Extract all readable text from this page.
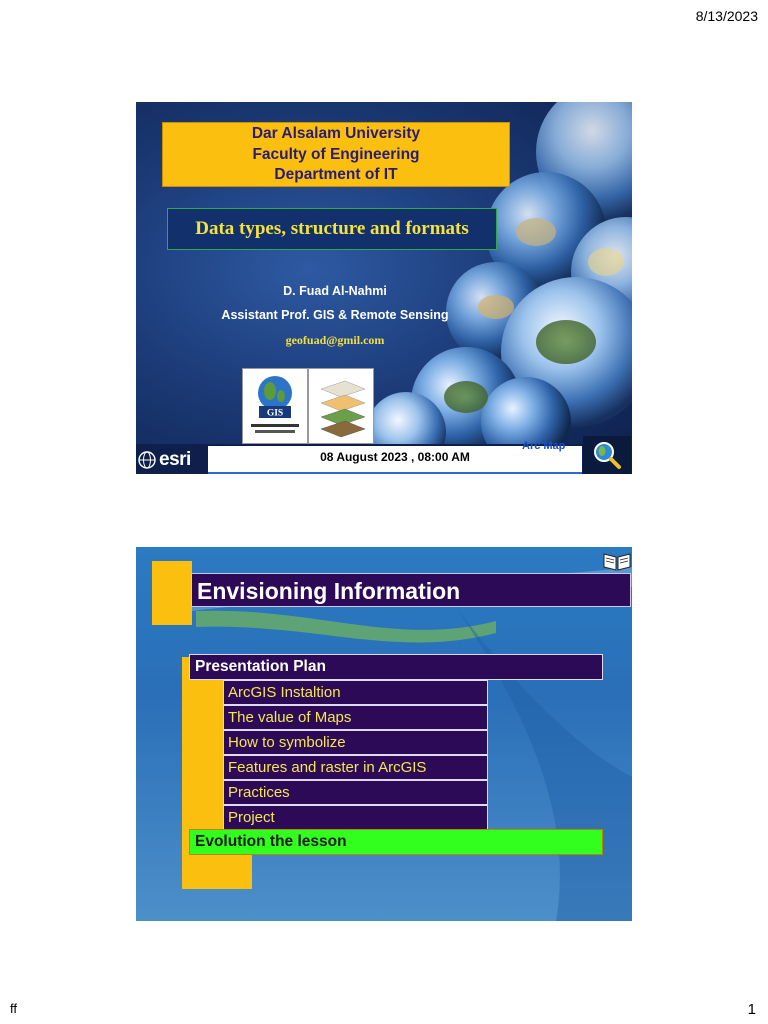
8/13/2023
Dar Alsalam University
Faculty of Engineering
Department of IT
Data types, structure and formats
D. Fuad Al-Nahmi
Assistant Prof. GIS & Remote Sensing
geofuad@gmil.com
GIS
esri	08 August 2023 , 08:00 AM
Arc Map
Envisioning Information
Presentation Plan
ArcGIS Instaltion
The value of Maps
How to symbolize
Features and raster in ArcGIS
Practices
Project
Evolution the lesson
ff	1
